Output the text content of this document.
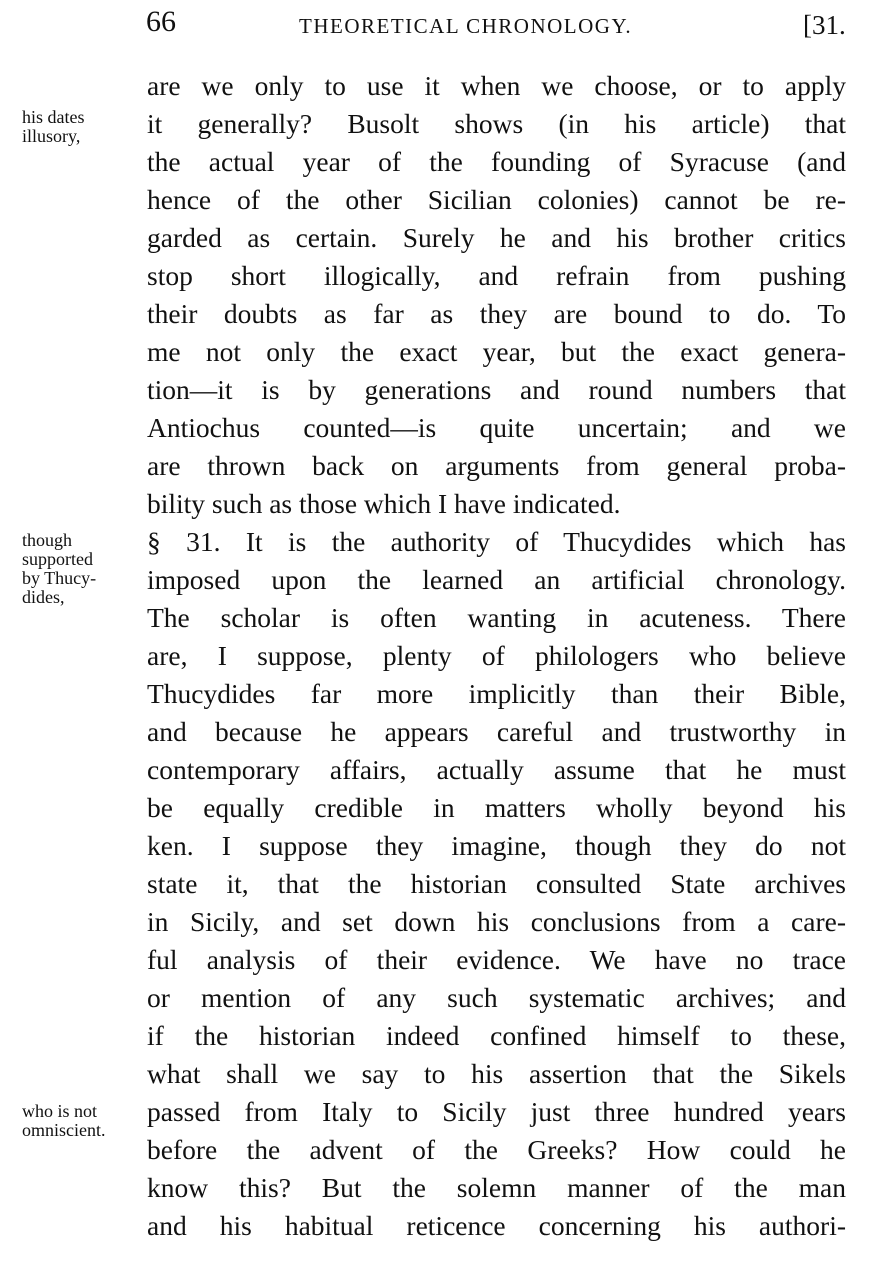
66	THEORETICAL CHRONOLOGY.	[31.
his dates
illusory,
though
supported
by Thucy-
dides,
who is not
omniscient.
are we only to use it when we choose, or to apply
it generally? Busolt shows (in his article) that
the actual year of the founding of Syracuse (and
hence of the other Sicilian colonies) cannot be re-
garded as certain. Surely he and his brother critics
stop short illogically, and refrain from pushing
their doubts as far as they are bound to do. To
me not only the exact year, but the exact genera-
tion—it is by generations and round numbers that
Antiochus counted—is quite uncertain; and we
are thrown back on arguments from general proba-
bility such as those which I have indicated.
§ 31. It is the authority of Thucydides which has
imposed upon the learned an artificial chronology.
The scholar is often wanting in acuteness. There
are, I suppose, plenty of philologers who believe
Thucydides far more implicitly than their Bible,
and because he appears careful and trustworthy in
contemporary affairs, actually assume that he must
be equally credible in matters wholly beyond his
ken. I suppose they imagine, though they do not
state it, that the historian consulted State archives
in Sicily, and set down his conclusions from a care-
ful analysis of their evidence. We have no trace
or mention of any such systematic archives; and
if the historian indeed confined himself to these,
what shall we say to his assertion that the Sikels
passed from Italy to Sicily just three hundred years
before the advent of the Greeks? How could he
know this? But the solemn manner of the man
and his habitual reticence concerning his authori-
